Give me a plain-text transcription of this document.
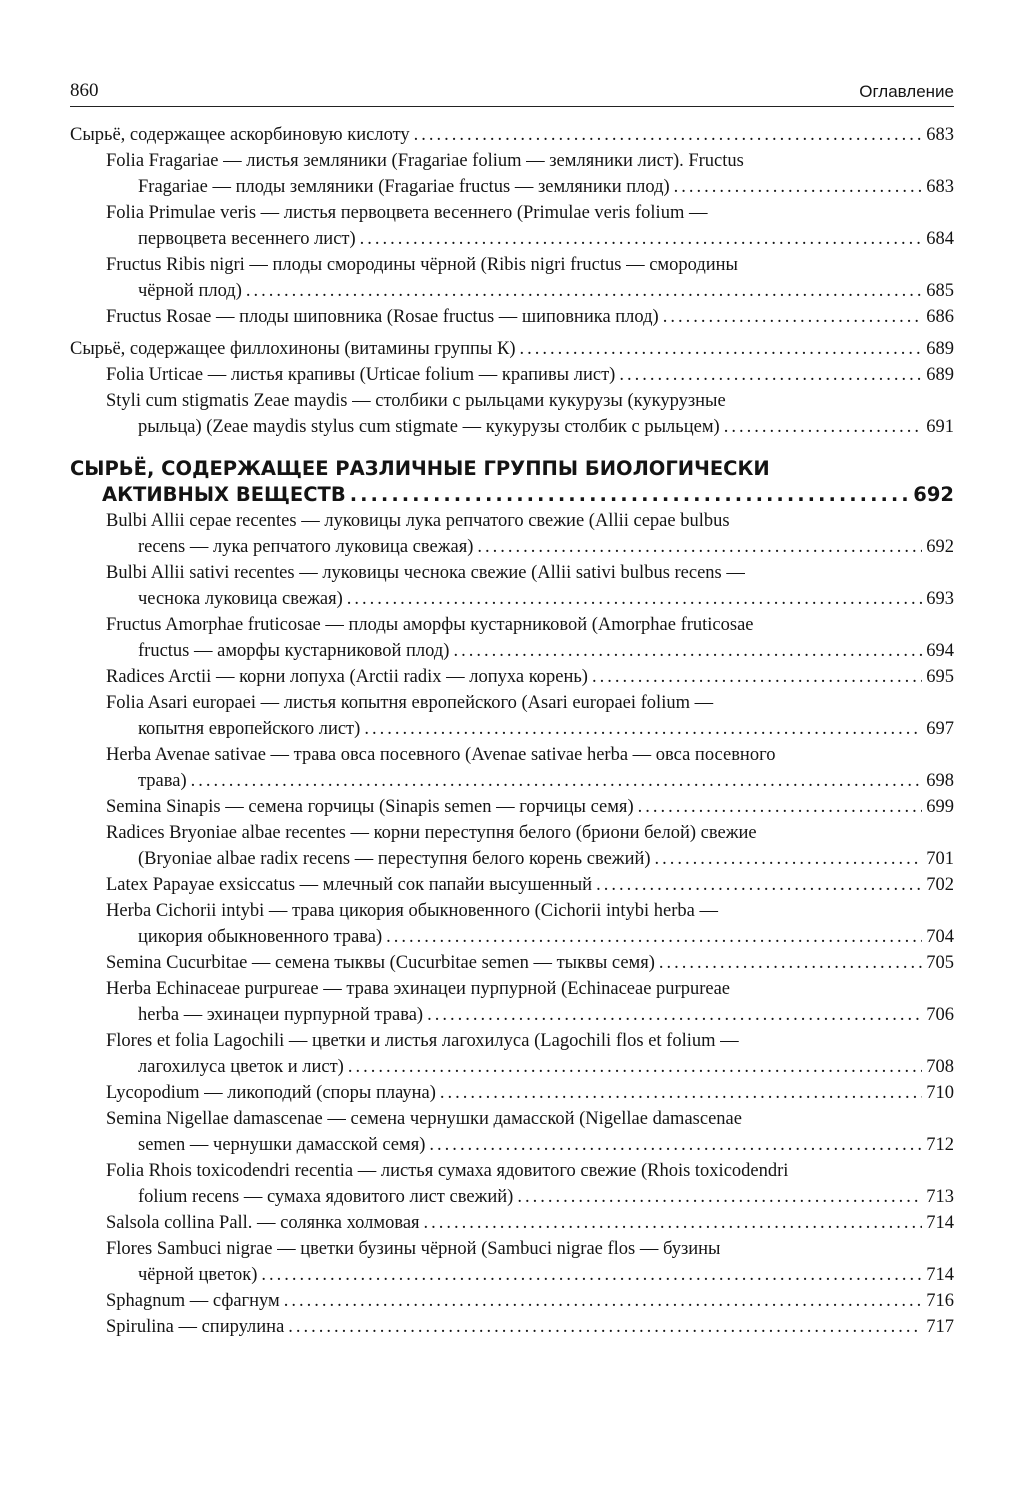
860	Оглавление
Сырьё, содержащее аскорбиновую кислоту .....	683
Folia Fragariae — листья земляники (Fragariae folium — земляники лист). Fructus
Fragariae — плоды земляники (Fragariae fructus — земляники плод) .....	683
Folia Primulae veris — листья первоцвета весеннего (Primulae veris folium —
первоцвета весеннего лист) .....	684
Fructus Ribis nigri — плоды смородины чёрной (Ribis nigri fructus — смородины
чёрной плод) .....	685
Fructus Rosae — плоды шиповника (Rosae fructus — шиповника плод) .....	686
Сырьё, содержащее филлохиноны (витамины группы К) .....	689
Folia Urticae — листья крапивы (Urticae folium — крапивы лист) .....	689
Styli cum stigmatis Zeae maydis — столбики с рыльцами кукурузы (кукурузные
рыльца) (Zeae maydis stylus cum stigmate — кукурузы столбик с рыльцем) .....	691
СЫРЬЁ, СОДЕРЖАЩЕЕ РАЗЛИЧНЫЕ ГРУППЫ БИОЛОГИЧЕСКИ
АКТИВНЫХ ВЕЩЕСТВ .....	692
Bulbi Allii cepae recentes — луковицы лука репчатого свежие (Allii cepae bulbus
recens — лука репчатого луковица свежая) .....	692
Bulbi Allii sativi recentes — луковицы чеснока свежие (Allii sativi bulbus recens —
чеснока луковица свежая) .....	693
Fructus Amorphae fruticosae — плоды аморфы кустарниковой (Amorphae fruticosae
fructus — аморфы кустарниковой плод) .....	694
Radices Arctii — корни лопуха (Arctii radix — лопуха корень) .....	695
Folia Asari europaei — листья копытня европейского (Asari europaei folium —
копытня европейского лист) .....	697
Herba Avenae sativae — трава овса посевного (Avenae sativae herba — овса посевного
трава) .....	698
Semina Sinapis — семена горчицы (Sinapis semen — горчицы семя) .....	699
Radices Bryoniae albae recentes — корни переступня белого (бриони белой) свежие
(Bryoniae albae radix recens — переступня белого корень свежий) .....	701
Latex Papayae exsiccatus — млечный сок папайи высушенный .....	702
Herba Cichorii intybi — трава цикория обыкновенного (Cichorii intybi herba —
цикория обыкновенного трава) .....	704
Semina Cucurbitae — семена тыквы (Cucurbitae semen — тыквы семя) .....	705
Herba Echinaceae purpureae — трава эхинацеи пурпурной (Echinaceae purpureae
herba — эхинацеи пурпурной трава) .....	706
Flores et folia Lagochili — цветки и листья лагохилуса (Lagochili flos et folium —
лагохилуса цветок и лист) .....	708
Lycopodium — ликоподий (споры плауна) .....	710
Semina Nigellae damascenae — семена чернушки дамасской (Nigellae damascenae
semen — чернушки дамасской семя) .....	712
Folia Rhois toxicodendri recentia — листья сумаха ядовитого свежие (Rhois toxicodendri
folium recens — сумаха ядовитого лист свежий) .....	713
Salsola collina Pall. — солянка холмовая .....	714
Flores Sambuci nigrae — цветки бузины чёрной (Sambuci nigrae flos — бузины
чёрной цветок) .....	714
Sphagnum — сфагнум .....	716
Spirulina — спирулина .....	717
